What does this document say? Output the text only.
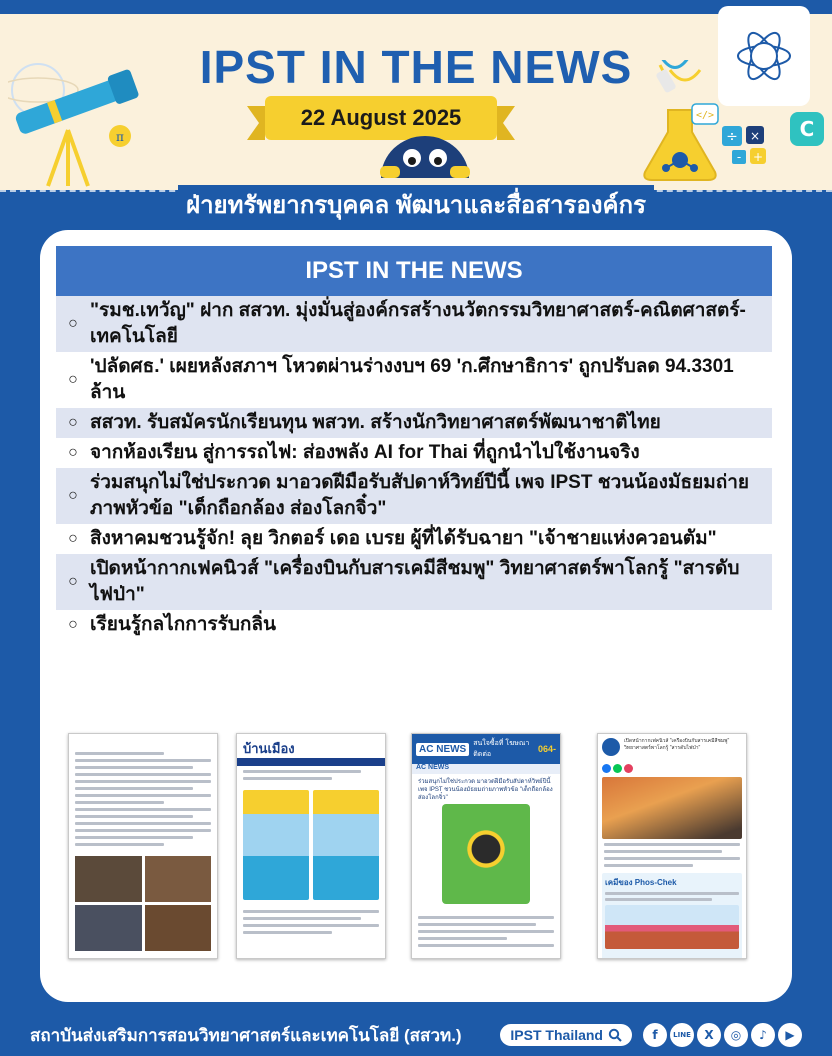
π
IPST IN THE NEWS
22 August 2025	</>
÷ ×
- +
C
ฝ่ายทรัพยากรบุคคล พัฒนาและสื่อสารองค์กร
IPST IN THE NEWS
○
"รมช.เทวัญ" ฝาก สสวท. มุ่งมั่นสู่องค์กรสร้างนวัตกรรมวิทยาศาสตร์-คณิตศาสตร์-เทคโนโลยี
○
'ปลัดศธ.' เผยหลังสภาฯ โหวตผ่านร่างงบฯ 69 'ก.ศึกษาธิการ' ถูกปรับลด 94.3301 ล้าน
○ สสวท. รับสมัครนักเรียนทุน พสวท. สร้างนักวิทยาศาสตร์พัฒนาชาติไทย
○ จากห้องเรียน สู่การรถไฟ: ส่องพลัง AI for Thai ที่ถูกนำไปใช้งานจริง
○
ร่วมสนุกไม่ใช่ประกวด มาอวดฝีมือรับสัปดาห์วิทย์ปีนี้ เพจ IPST ชวนน้องมัธยมถ่ายภาพหัวข้อ "เด็กถือกล้อง ส่องโลกจิ๋ว"
○ สิงหาคมชวนรู้จัก! ลุย วิกตอร์ เดอ เบรย ผู้ที่ได้รับฉายา "เจ้าชายแห่งควอนตัม"
○
เปิดหน้ากากเฟคนิวส์ "เครื่องบินกับสารเคมีสีชมพู" วิทยาศาสตร์พาโลกรู้ "สารดับไฟป่า"
○ เรียนรู้กลไกการรับกลิ่น
บ้านเมือง	AC NEWS	สนใจซื้อที่ โฆษณาติดต่อ
064-
AC NEWS
ร่วมสนุกไม่ใช่ประกวด มาอวดฝีมือรับสัปดาห์วิทย์ปีนี้ เพจ IPST ชวนน้องมัธยมถ่ายภาพหัวข้อ "เด็กถือกล้อง ส่องโลกจิ๋ว"
เปิดหน้ากากเฟคนิวส์ "เครื่องบินกับสารเคมีสีชมพู" วิทยาศาสตร์พาโลกรู้ "สารดับไฟป่า"
เคมีของ Phos-Chek
สถาบันส่งเสริมการสอนวิทยาศาสตร์และเทคโนโลยี (สสวท.)	IPST Thailand	f	LINE	X	◎	♪	▶
